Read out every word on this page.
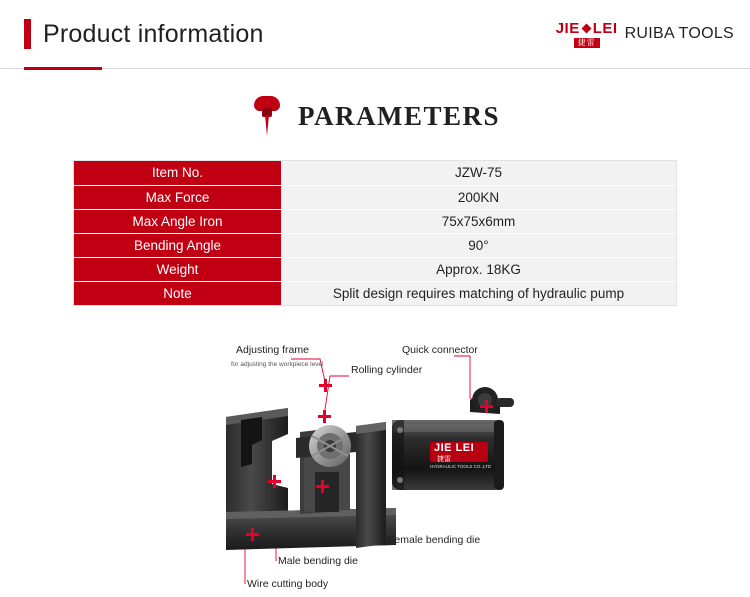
Product information	JIE LEI
捷雷 RUIBA TOOLS
PARAMETERS
Item No.	JZW-75
Max Force	200KN
Max Angle Iron	75x75x6mm
Bending Angle	90°
Weight	Approx. 18KG
Note	Split design requires matching of hydraulic pump
JIE LEI
捷雷
HYDRAULIC TOOLS CO.,LTD
Adjusting frame
for adjusting the workpiece level	Rolling cylinder
Quick connector
Female bending die
Male bending die
Wire cutting body
